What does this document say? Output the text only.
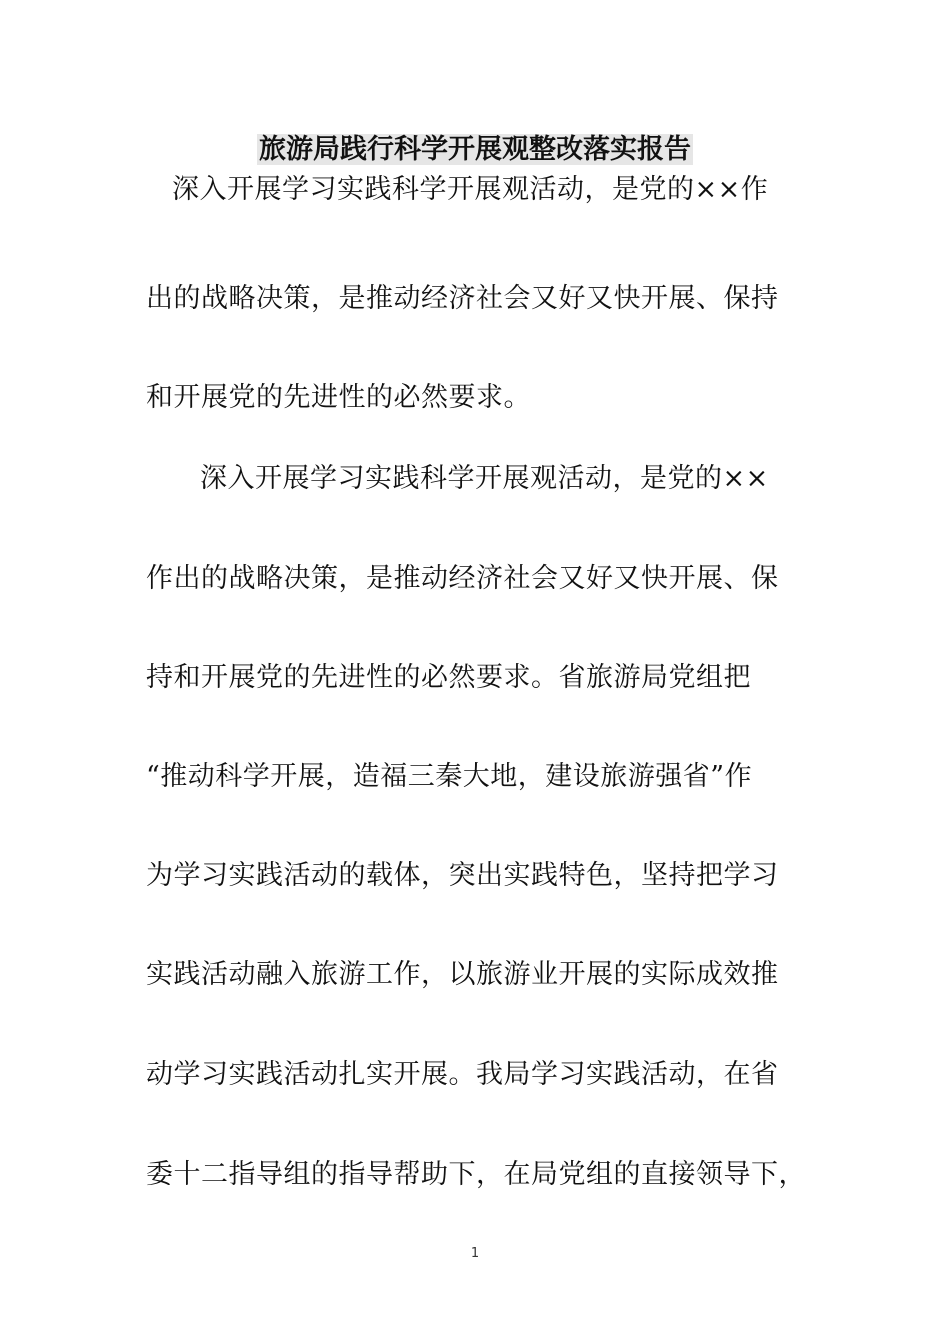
旅游局践行科学开展观整改落实报告
深入开展学习实践科学开展观活动，是党的××作
出的战略决策，是推动经济社会又好又快开展、保持
和开展党的先进性的必然要求。
深入开展学习实践科学开展观活动，是党的××
作出的战略决策，是推动经济社会又好又快开展、保
持和开展党的先进性的必然要求。省旅游局党组把
“推动科学开展，造福三秦大地，建设旅游强省”作
为学习实践活动的载体，突出实践特色，坚持把学习
实践活动融入旅游工作，以旅游业开展的实际成效推
动学习实践活动扎实开展。我局学习实践活动，在省
委十二指导组的指导帮助下，在局党组的直接领导下，
1
